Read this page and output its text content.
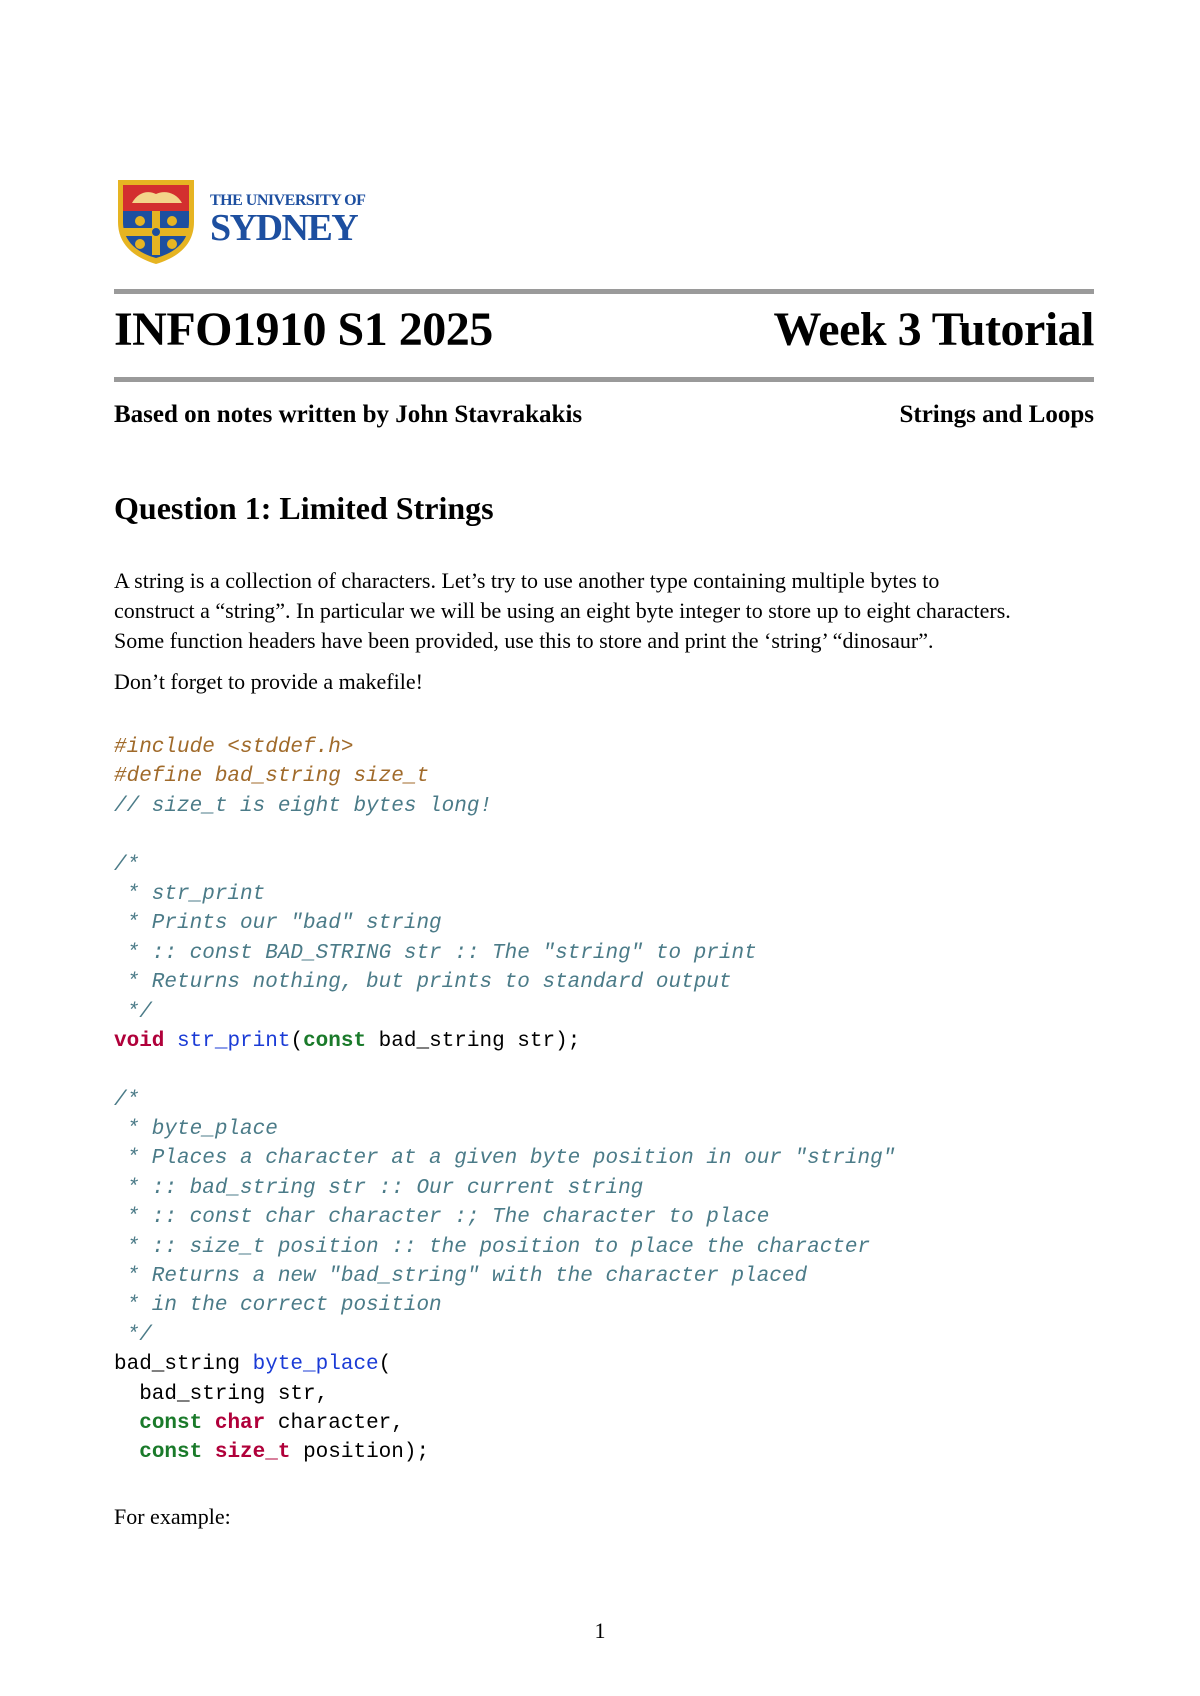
THE UNIVERSITY OF
SYDNEY
INFO1910 S1 2025	Week 3 Tutorial
Based on notes written by John Stavrakakis	Strings and Loops
Question 1: Limited Strings
A string is a collection of characters. Let’s try to use another type containing multiple bytes to
construct a “string”. In particular we will be using an eight byte integer to store up to eight characters.
Some function headers have been provided, use this to store and print the ‘string’ “dinosaur”.
Don’t forget to provide a makefile!
#include <stddef.h>
#define bad_string size_t
// size_t is eight bytes long!
/*
* str_print
* Prints our "bad" string
* :: const BAD_STRING str :: The "string" to print
* Returns nothing, but prints to standard output
*/
void str_print(const bad_string str);
/*
* byte_place
* Places a character at a given byte position in our "string"
* :: bad_string str :: Our current string
* :: const char character :; The character to place
* :: size_t position :: the position to place the character
* Returns a new "bad_string" with the character placed
* in the correct position
*/
bad_string byte_place(
bad_string str,
const char character,
const size_t position);
For example:
1
